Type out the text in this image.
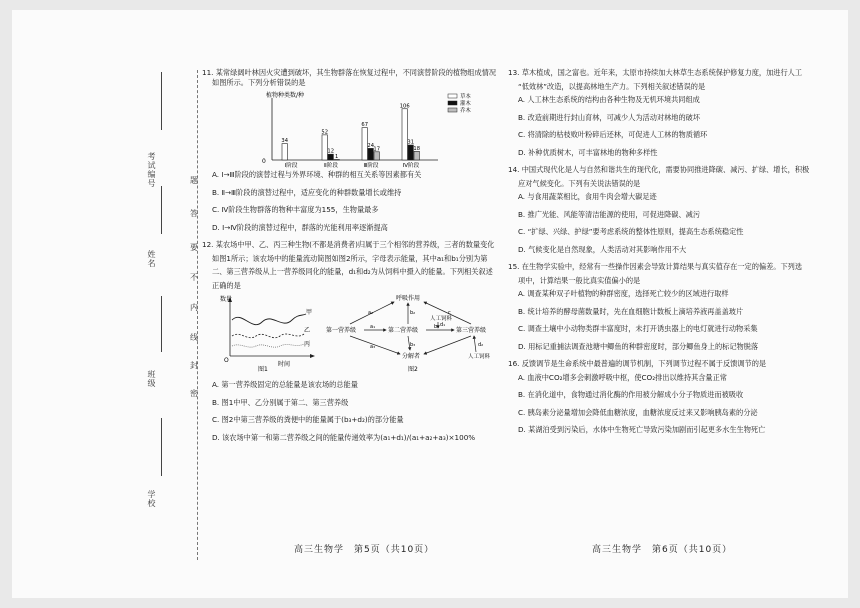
考试编号
姓名
班级
学校
题
答
要
不
内
线
封
密

11. 某常绿阔叶林因火灾遭到破坏，其生物群落在恢复过程中，不同演替阶段的植物组成情况

如图所示。下列分析错误的是

植物种类数/种
0
34
Ⅰ阶段
52
12
1
Ⅱ阶段
67
24
17
Ⅲ阶段
106
31
18
Ⅳ阶段
草本
灌木
乔木

A. Ⅰ→Ⅲ阶段的演替过程与外界环境、种群的相互关系等因素都有关

B. Ⅱ→Ⅲ阶段的演替过程中，适应变化的种群数量增长或维持

C. Ⅳ阶段生物群落的物种丰富度为155，生物量最多

D. Ⅰ→Ⅳ阶段的演替过程中，群落的光能利用率逐渐提高

12. 某农场中甲、乙、丙三种生物(不都是消费者)归属于三个相邻的营养级，三者的数量变化

如图1所示；该农场中的能量流动简图如图2所示，字母表示能量，其中a₁和b₁分别为第

二、第三营养级从上一营养级同化的能量，d₁和d₂为从饲料中摄入的能量。下列相关叙述

正确的是

数量
O
时间
甲
乙
丙
图1
呼吸作用
第一营养级	第二营养级	第三营养级
分解者
人工饲料
人工饲料
a₁
a₂
a₃
b₁
b₂
b₃
c
d₁
d₂
图2

A. 第一营养级固定的总能量是该农场的总能量

B. 图1中甲、乙分别属于第二、第三营养级

C. 图2中第三营养级的粪便中的能量属于(b₃+d₂)的部分能量

D. 该农场中第一和第二营养级之间的能量传递效率为(a₁+d₁)/(a₁+a₂+a₃)×100%

13. 草木植成，国之富也。近年来，太原市持续加大林草生态系统保护修复力度，加进行人工

“低效林”改造，以提高林地生产力。下列相关叙述错误的是

A. 人工林生态系统的结构由各种生物及无机环境共同组成

B. 改造前期进行封山育林，可减少人为活动对林地的破坏

C. 将清除的枯枝败叶粉碎后还林，可促进人工林的物质循环

D. 补种优质树木，可丰富林地的物种多样性

14. 中国式现代化是人与自然和谐共生的现代化，需要协同推进降碳、减污、扩绿、增长，积极

应对气候变化。下列有关说法错误的是

A. 与食用蔬菜相比，食用牛肉会增大碳足迹

B. 推广光能、风能等清洁能源的使用，可促进降碳、减污

C. “扩绿、兴绿、护绿”要考虑系统的整体性原则，提高生态系统稳定性

D. 气候变化是自然现象，人类活动对其影响作用不大

15. 在生物学实验中，经常有一些操作因素会导致计算结果与真实值存在一定的偏差。下列选

项中，计算结果一般比真实值偏小的是

A. 调查某种双子叶植物的种群密度，选择死亡较少的区域进行取样

B. 统计培养的酵母菌数量时，先在血细胞计数板上滴培养液再盖盖玻片

C. 调查土壤中小动物类群丰富度时，未打开诱虫器上的电灯就进行动物采集

D. 用标记重捕法调查池塘中鲫鱼的种群密度时，部分鲫鱼身上的标记物脱落

16. 反馈调节是生命系统中最普遍的调节机制，下列调节过程不属于反馈调节的是

A. 血液中CO₂增多会刺激呼吸中枢，使CO₂排出以维持其含量正常

B. 在消化道中，食物通过消化酶的作用被分解成小分子物质进而被吸收

C. 胰岛素分泌量增加会降低血糖浓度，血糖浓度反过来又影响胰岛素的分泌

D. 某湖泊受到污染后，水体中生物死亡导致污染加剧而引起更多水生生物死亡

高三生物学　第5页（共10页）	高三生物学　第6页（共10页）
